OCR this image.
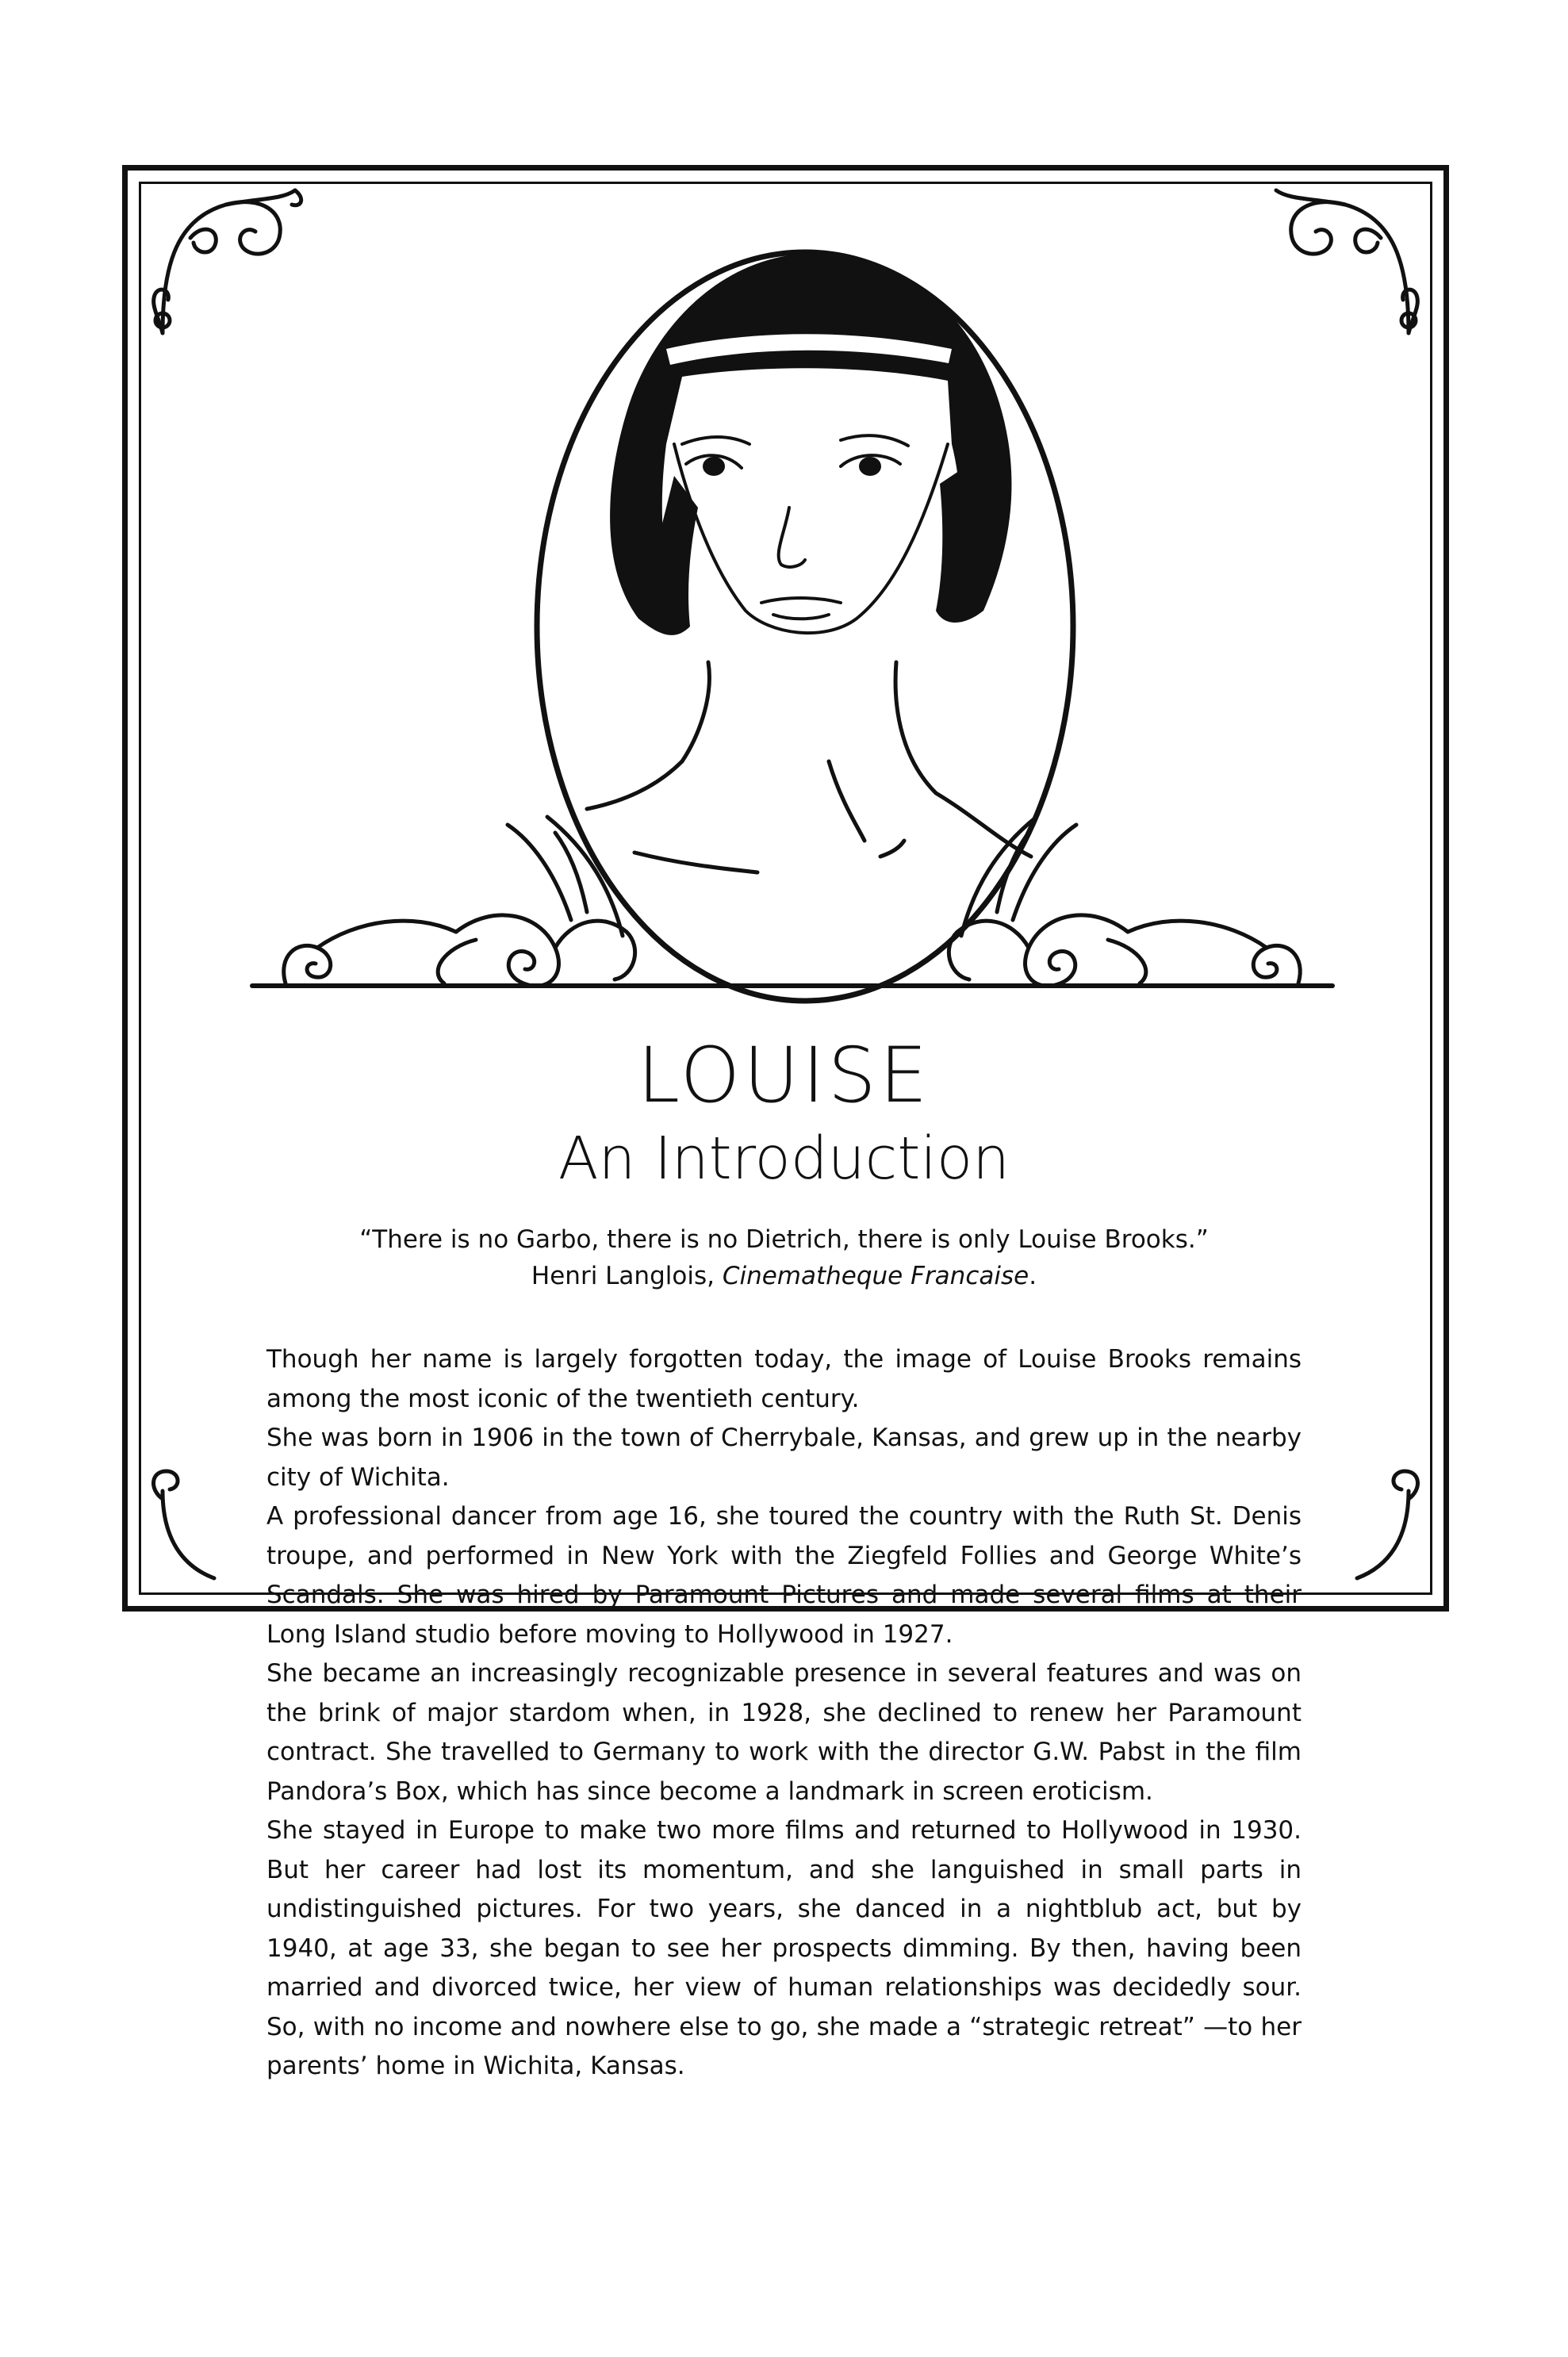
LOUISE
An Introduction
“There is no Garbo, there is no Dietrich, there is only Louise Brooks.”
Henri Langlois, Cinematheque Francaise.

Though her name is largely forgotten today, the image of Louise Brooks remains among the most iconic of the twentieth century.

She was born in 1906 in the town of Cherrybale, Kansas, and grew up in the nearby city of Wichita.

A professional dancer from age 16, she toured the country with the Ruth St. Denis troupe, and performed in New York with the Ziegfeld Follies and George White’s Scandals. She was hired by Paramount Pictures and made several films at their Long Island studio before moving to Hollywood in 1927.

She became an increasingly recognizable presence in several features and was on the brink of major stardom when, in 1928, she declined to renew her Paramount contract. She travelled to Germany to work with the director G.W. Pabst in the film Pandora’s Box, which has since become a landmark in screen eroticism.

She stayed in Europe to make two more films and returned to Hollywood in 1930. But her career had lost its momentum, and she languished in small parts in undistinguished pictures. For two years, she danced in a nightblub act, but by 1940, at age 33, she began to see her prospects dimming. By then, having been married and divorced twice, her view of human relationships was decidedly sour. So, with no income and nowhere else to go, she made a “strategic retreat” —to her parents’ home in Wichita, Kansas.
